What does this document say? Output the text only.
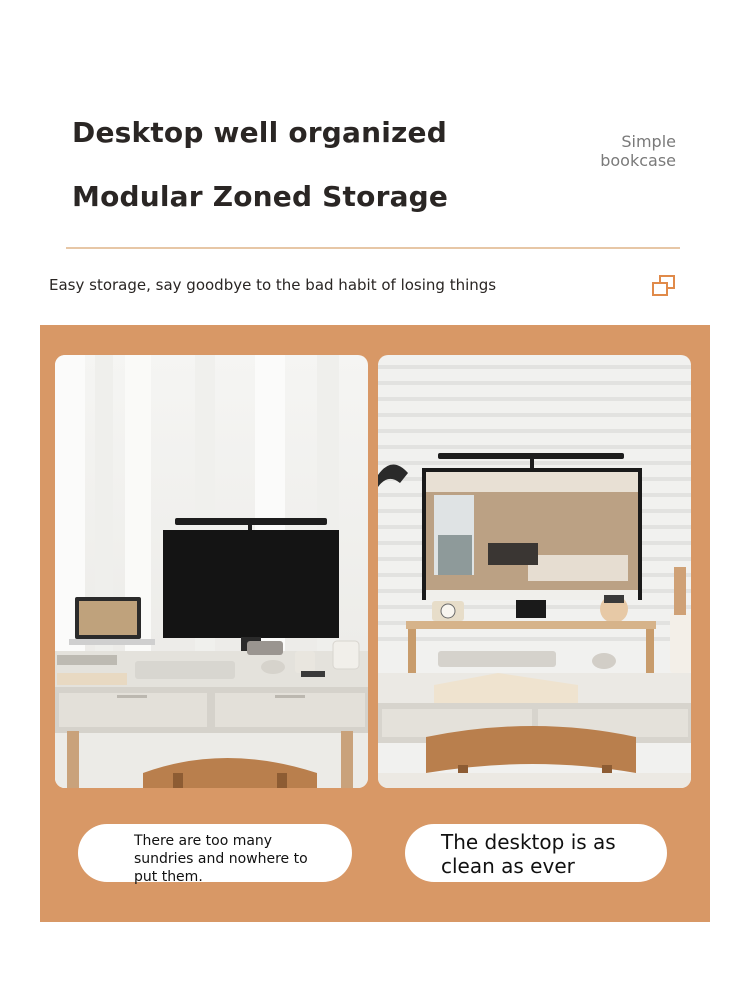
Desktop well organized
Modular Zoned Storage
Simple bookcase
Easy storage, say goodbye to the bad habit of losing things
There are too many sundries and nowhere to put them.
The desktop is as clean as ever
